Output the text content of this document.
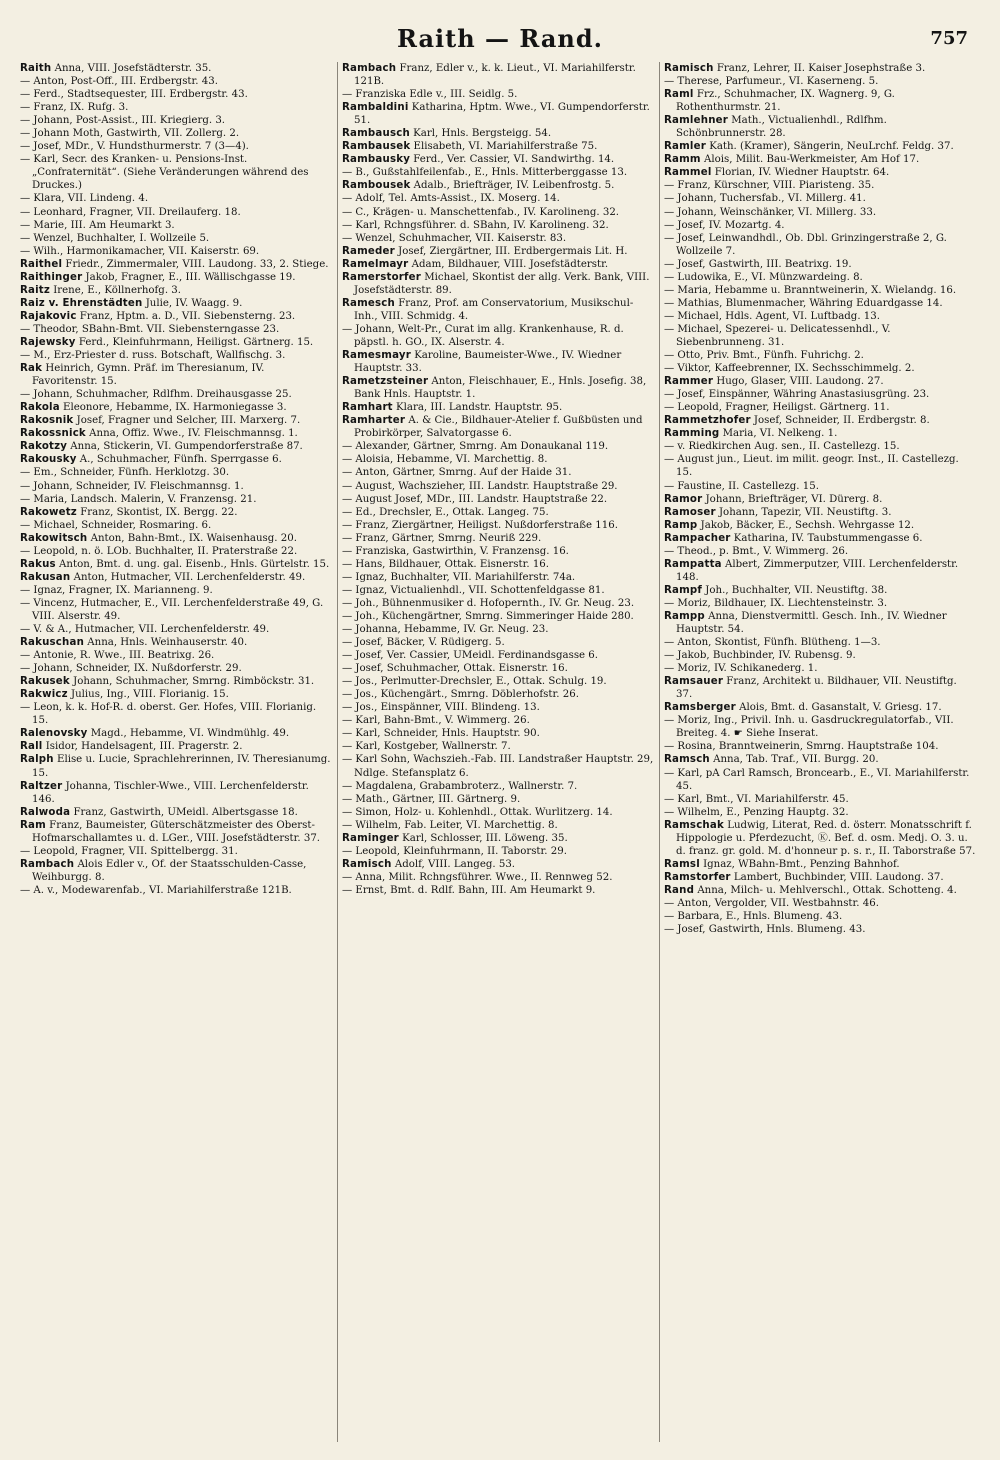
Raith — Rand.	757

Raith Anna, VIII. Josefstädterstr. 35.

— Anton, Post-Off., III. Erdbergstr. 43.

— Ferd., Stadtsequester, III. Erdbergstr. 43.

— Franz, IX. Rufg. 3.

— Johann, Post-Assist., III. Kriegierg. 3.

— Johann Moth, Gastwirth, VII. Zollerg. 2.

— Josef, MDr., V. Hundsthurmerstr. 7 (3—4).

— Karl, Secr. des Kranken- u. Pensions-Inst. „Confraternität“. (Siehe Veränderungen während des Druckes.)

— Klara, VII. Lindeng. 4.

— Leonhard, Fragner, VII. Dreilauferg. 18.

— Marie, III. Am Heumarkt 3.

— Wenzel, Buchhalter, I. Wollzeile 5.

— Wilh., Harmonikamacher, VII. Kaiserstr. 69.

Raithel Friedr., Zimmermaler, VIII. Laudong. 33, 2. Stiege.

Raithinger Jakob, Fragner, E., III. Wällischgasse 19.

Raitz Irene, E., Köllnerhofg. 3.

Raiz v. Ehrenstädten Julie, IV. Waagg. 9.

Rajakovic Franz, Hptm. a. D., VII. Siebensterng. 23.

— Theodor, SBahn-Bmt. VII. Siebensterngasse 23.

Rajewsky Ferd., Kleinfuhrmann, Heiligst. Gärtnerg. 15.

— M., Erz-Priester d. russ. Botschaft, Wallfischg. 3.

Rak Heinrich, Gymn. Präf. im Theresianum, IV. Favoritenstr. 15.

— Johann, Schuhmacher, Rdlfhm. Dreihausgasse 25.

Rakola Eleonore, Hebamme, IX. Harmoniegasse 3.

Rakosnik Josef, Fragner und Selcher, III. Marxerg. 7.

Rakossnick Anna, Offiz. Wwe., IV. Fleischmannsg. 1.

Rakotzy Anna, Stickerin, VI. Gumpendorferstraße 87.

Rakousky A., Schuhmacher, Fünfh. Sperrgasse 6.

— Em., Schneider, Fünfh. Herklotzg. 30.

— Johann, Schneider, IV. Fleischmannsg. 1.

— Maria, Landsch. Malerin, V. Franzensg. 21.

Rakowetz Franz, Skontist, IX. Bergg. 22.

— Michael, Schneider, Rosmaring. 6.

Rakowitsch Anton, Bahn-Bmt., IX. Waisenhausg. 20.

— Leopold, n. ö. LOb. Buchhalter, II. Praterstraße 22.

Rakus Anton, Bmt. d. ung. gal. Eisenb., Hnls. Gürtelstr. 15.

Rakusan Anton, Hutmacher, VII. Lerchenfelderstr. 49.

— Ignaz, Fragner, IX. Marianneng. 9.

— Vincenz, Hutmacher, E., VII. Lerchenfelderstraße 49, G. VIII. Alserstr. 49.

— V. & A., Hutmacher, VII. Lerchenfelderstr. 49.

Rakuschan Anna, Hnls. Weinhauserstr. 40.

— Antonie, R. Wwe., III. Beatrixg. 26.

— Johann, Schneider, IX. Nußdorferstr. 29.

Rakusek Johann, Schuhmacher, Smrng. Rimböckstr. 31.

Rakwicz Julius, Ing., VIII. Florianig. 15.

— Leon, k. k. Hof-R. d. oberst. Ger. Hofes, VIII. Florianig. 15.

Ralenovsky Magd., Hebamme, VI. Windmühlg. 49.

Rall Isidor, Handelsagent, III. Pragerstr. 2.

Ralph Elise u. Lucie, Sprachlehrerinnen, IV. Theresianumg. 15.

Raltzer Johanna, Tischler-Wwe., VIII. Lerchenfelderstr. 146.

Ralwoda Franz, Gastwirth, UMeidl. Albertsgasse 18.

Ram Franz, Baumeister, Güterschätzmeister des Oberst-Hofmarschallamtes u. d. LGer., VIII. Josefstädterstr. 37.

— Leopold, Fragner, VII. Spittelbergg. 31.

Rambach Alois Edler v., Of. der Staatsschulden-Casse, Weihburgg. 8.

— A. v., Modewarenfab., VI. Mariahilferstraße 121B.

Rambach Franz, Edler v., k. k. Lieut., VI. Mariahilferstr. 121B.

— Franziska Edle v., III. Seidlg. 5.

Rambaldini Katharina, Hptm. Wwe., VI. Gumpendorferstr. 51.

Rambausch Karl, Hnls. Bergsteigg. 54.

Rambausek Elisabeth, VI. Mariahilferstraße 75.

Rambausky Ferd., Ver. Cassier, VI. Sandwirthg. 14.

— B., Gußstahlfeilenfab., E., Hnls. Mitterberggasse 13.

Rambousek Adalb., Briefträger, IV. Leibenfrostg. 5.

— Adolf, Tel. Amts-Assist., IX. Moserg. 14.

— C., Krägen- u. Manschettenfab., IV. Karolineng. 32.

— Karl, Rchngsführer. d. SBahn, IV. Karolineng. 32.

— Wenzel, Schuhmacher, VII. Kaiserstr. 83.

Rameder Josef, Ziergärtner, III. Erdbergermais Lit. H.

Ramelmayr Adam, Bildhauer, VIII. Josefstädterstr.

Ramerstorfer Michael, Skontist der allg. Verk. Bank, VIII. Josefstädterstr. 89.

Ramesch Franz, Prof. am Conservatorium, Musikschul-Inh., VIII. Schmidg. 4.

— Johann, Welt-Pr., Curat im allg. Krankenhause, R. d. päpstl. h. GO., IX. Alserstr. 4.

Ramesmayr Karoline, Baumeister-Wwe., IV. Wiedner Hauptstr. 33.

Rametzsteiner Anton, Fleischhauer, E., Hnls. Josefig. 38, Bank Hnls. Hauptstr. 1.

Ramhart Klara, III. Landstr. Hauptstr. 95.

Ramharter A. & Cie., Bildhauer-Atelier f. Gußbüsten und Probirkörper, Salvatorgasse 6.

— Alexander, Gärtner, Smrng. Am Donaukanal 119.

— Aloisia, Hebamme, VI. Marchettig. 8.

— Anton, Gärtner, Smrng. Auf der Haide 31.

— August, Wachszieher, III. Landstr. Hauptstraße 29.

— August Josef, MDr., III. Landstr. Hauptstraße 22.

— Ed., Drechsler, E., Ottak. Langeg. 75.

— Franz, Ziergärtner, Heiligst. Nußdorferstraße 116.

— Franz, Gärtner, Smrng. Neuriß 229.

— Franziska, Gastwirthin, V. Franzensg. 16.

— Hans, Bildhauer, Ottak. Eisnerstr. 16.

— Ignaz, Buchhalter, VII. Mariahilferstr. 74a.

— Ignaz, Victualienhdl., VII. Schottenfeldgasse 81.

— Joh., Bühnenmusiker d. Hofopernth., IV. Gr. Neug. 23.

— Joh., Küchengärtner, Smrng. Simmeringer Haide 280.

— Johanna, Hebamme, IV. Gr. Neug. 23.

— Josef, Bäcker, V. Rüdigerg. 5.

— Josef, Ver. Cassier, UMeidl. Ferdinandsgasse 6.

— Josef, Schuhmacher, Ottak. Eisnerstr. 16.

— Jos., Perlmutter-Drechsler, E., Ottak. Schulg. 19.

— Jos., Küchengärt., Smrng. Döblerhofstr. 26.

— Jos., Einspänner, VIII. Blindeng. 13.

— Karl, Bahn-Bmt., V. Wimmerg. 26.

— Karl, Schneider, Hnls. Hauptstr. 90.

— Karl, Kostgeber, Wallnerstr. 7.

— Karl Sohn, Wachszieh.-Fab. III. Landstraßer Hauptstr. 29, Ndlge. Stefansplatz 6.

— Magdalena, Grabambroterz., Wallnerstr. 7.

— Math., Gärtner, III. Gärtnerg. 9.

— Simon, Holz- u. Kohlenhdl., Ottak. Wurlitzerg. 14.

— Wilhelm, Fab. Leiter, VI. Marchettig. 8.

Raminger Karl, Schlosser, III. Löweng. 35.

— Leopold, Kleinfuhrmann, II. Taborstr. 29.

Ramisch Adolf, VIII. Langeg. 53.

— Anna, Milit. Rchngsführer. Wwe., II. Rennweg 52.

— Ernst, Bmt. d. Rdlf. Bahn, III. Am Heumarkt 9.

Ramisch Franz, Lehrer, II. Kaiser Josephstraße 3.

— Therese, Parfumeur., VI. Kaserneng. 5.

Raml Frz., Schuhmacher, IX. Wagnerg. 9, G. Rothenthurmstr. 21.

Ramlehner Math., Victualienhdl., Rdlfhm. Schönbrunnerstr. 28.

Ramler Kath. (Kramer), Sängerin, NeuLrchf. Feldg. 37.

Ramm Alois, Milit. Bau-Werkmeister, Am Hof 17.

Rammel Florian, IV. Wiedner Hauptstr. 64.

— Franz, Kürschner, VIII. Piaristeng. 35.

— Johann, Tuchersfab., VI. Millerg. 41.

— Johann, Weinschänker, VI. Millerg. 33.

— Josef, IV. Mozartg. 4.

— Josef, Leinwandhdl., Ob. Dbl. Grinzingerstraße 2, G. Wollzeile 7.

— Josef, Gastwirth, III. Beatrixg. 19.

— Ludowika, E., VI. Münzwardeing. 8.

— Maria, Hebamme u. Branntweinerin, X. Wielandg. 16.

— Mathias, Blumenmacher, Währing Eduardgasse 14.

— Michael, Hdls. Agent, VI. Luftbadg. 13.

— Michael, Spezerei- u. Delicatessenhdl., V. Siebenbrunneng. 31.

— Otto, Priv. Bmt., Fünfh. Fuhrichg. 2.

— Viktor, Kaffeebrenner, IX. Sechsschimmelg. 2.

Rammer Hugo, Glaser, VIII. Laudong. 27.

— Josef, Einspänner, Währing Anastasiusgrüng. 23.

— Leopold, Fragner, Heiligst. Gärtnerg. 11.

Rammetzhofer Josef, Schneider, II. Erdbergstr. 8.

Ramming Maria, VI. Nelkeng. 1.

— v. Riedkirchen Aug. sen., II. Castellezg. 15.

— August jun., Lieut. im milit. geogr. Inst., II. Castellezg. 15.

— Faustine, II. Castellezg. 15.

Ramor Johann, Briefträger, VI. Dürerg. 8.

Ramoser Johann, Tapezir, VII. Neustiftg. 3.

Ramp Jakob, Bäcker, E., Sechsh. Wehrgasse 12.

Rampacher Katharina, IV. Taubstummengasse 6.

— Theod., p. Bmt., V. Wimmerg. 26.

Rampatta Albert, Zimmerputzer, VIII. Lerchenfelderstr. 148.

Rampf Joh., Buchhalter, VII. Neustiftg. 38.

— Moriz, Bildhauer, IX. Liechtensteinstr. 3.

Rampp Anna, Dienstvermittl. Gesch. Inh., IV. Wiedner Hauptstr. 54.

— Anton, Skontist, Fünfh. Blütheng. 1—3.

— Jakob, Buchbinder, IV. Rubensg. 9.

— Moriz, IV. Schikanederg. 1.

Ramsauer Franz, Architekt u. Bildhauer, VII. Neustiftg. 37.

Ramsberger Alois, Bmt. d. Gasanstalt, V. Griesg. 17.

— Moriz, Ing., Privil. Inh. u. Gasdruckregulatorfab., VII. Breiteg. 4. ☛ Siehe Inserat.

— Rosina, Branntweinerin, Smrng. Hauptstraße 104.

Ramsch Anna, Tab. Traf., VII. Burgg. 20.

— Karl, pA Carl Ramsch, Broncearb., E., VI. Mariahilferstr. 45.

— Karl, Bmt., VI. Mariahilferstr. 45.

— Wilhelm, E., Penzing Hauptg. 32.

Ramschak Ludwig, Literat, Red. d. österr. Monatsschrift f. Hippologie u. Pferdezucht, Ⓚ. Bef. d. osm. Medj. O. 3. u. d. franz. gr. gold. M. d'honneur p. s. r., II. Taborstraße 57.

Ramsl Ignaz, WBahn-Bmt., Penzing Bahnhof.

Ramstorfer Lambert, Buchbinder, VIII. Laudong. 37.

Rand Anna, Milch- u. Mehlverschl., Ottak. Schotteng. 4.

— Anton, Vergolder, VII. Westbahnstr. 46.

— Barbara, E., Hnls. Blumeng. 43.

— Josef, Gastwirth, Hnls. Blumeng. 43.
